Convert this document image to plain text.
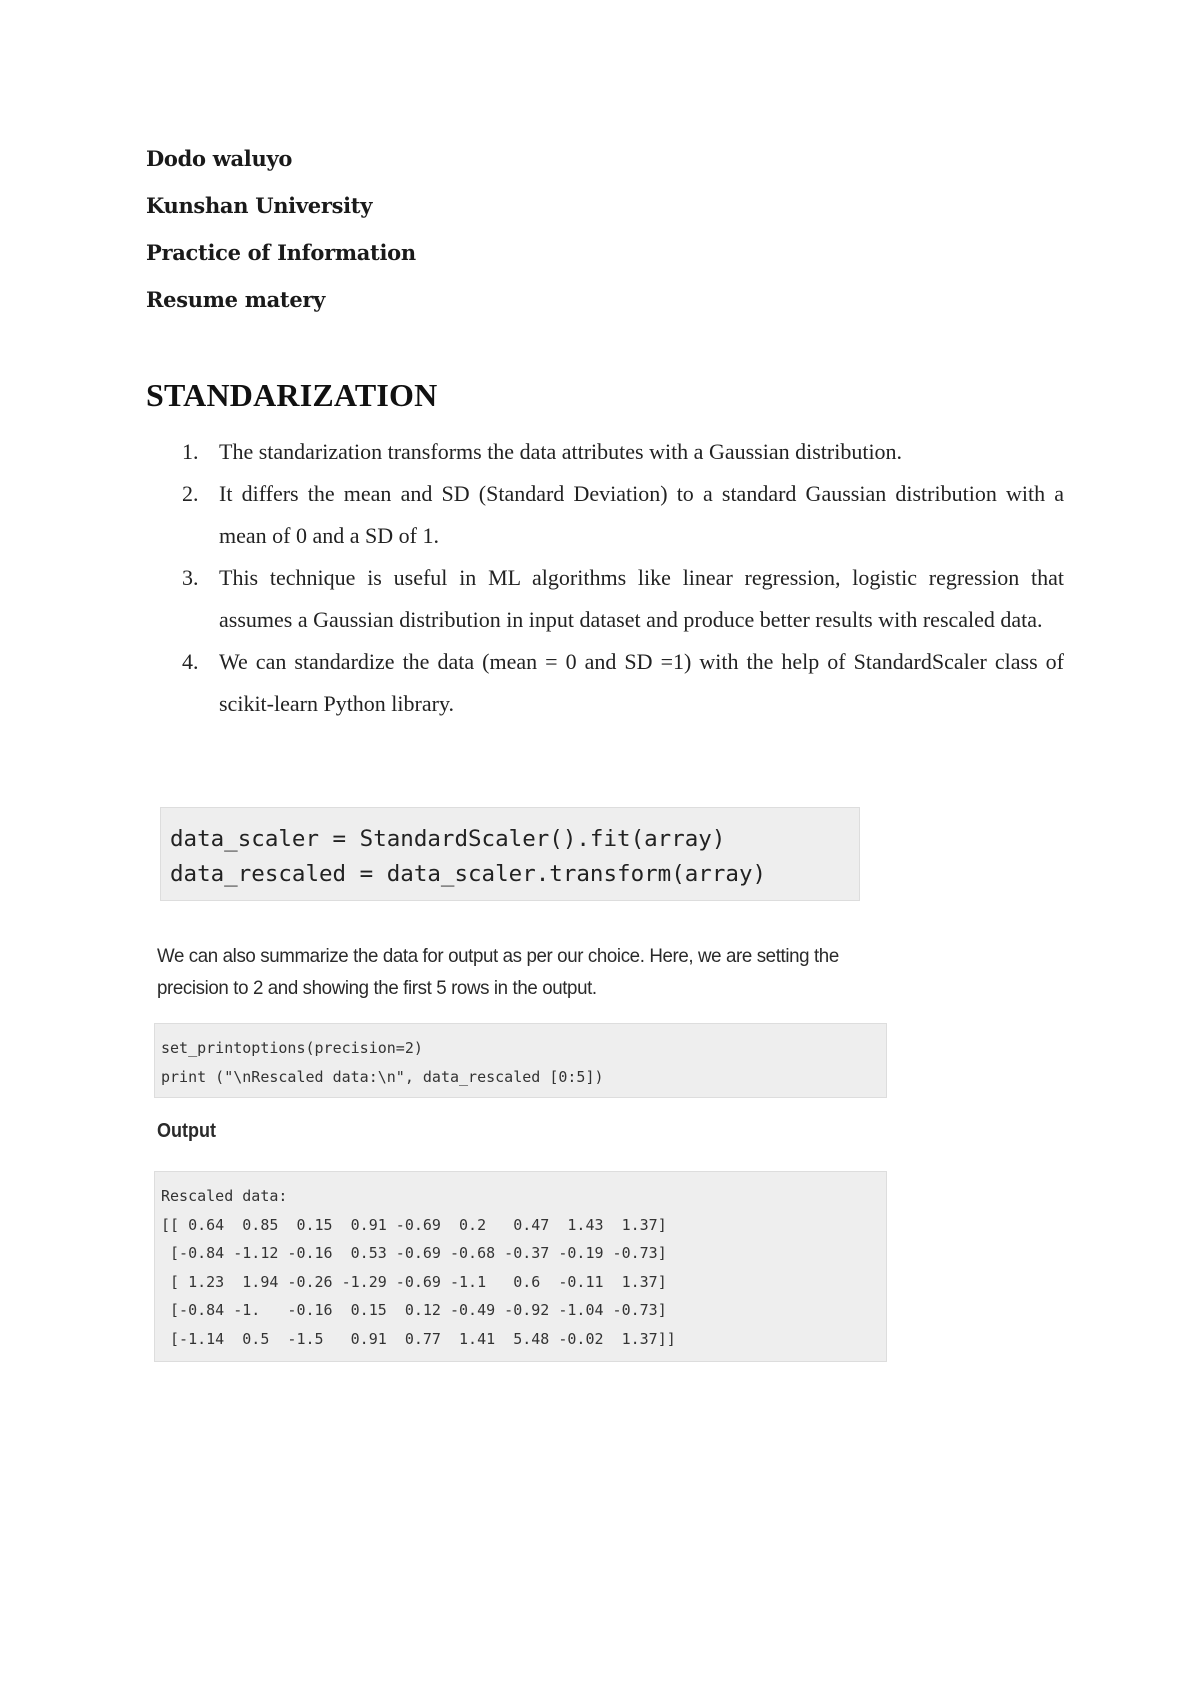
Dodo waluyo
Kunshan University
Practice of Information
Resume matery
STANDARIZATION
1. The standarization transforms the data attributes with a Gaussian distribution.
2. It differs the mean and SD (Standard Deviation) to a standard Gaussian distribution with a mean of 0 and a SD of 1.
3. This technique is useful in ML algorithms like linear regression, logistic regression that assumes a Gaussian distribution in input dataset and produce better results with rescaled data.
4. We can standardize the data (mean = 0 and SD =1) with the help of StandardScaler class of scikit-learn Python library.
data_scaler = StandardScaler().fit(array)
data_rescaled = data_scaler.transform(array)
We can also summarize the data for output as per our choice. Here, we are setting the precision to 2 and showing the first 5 rows in the output.
set_printoptions(precision=2)
print ("\nRescaled data:\n", data_rescaled [0:5])
Output
Rescaled data:
[[ 0.64  0.85  0.15  0.91 -0.69  0.2   0.47  1.43  1.37]
[-0.84 -1.12 -0.16  0.53 -0.69 -0.68 -0.37 -0.19 -0.73]
[ 1.23  1.94 -0.26 -1.29 -0.69 -1.1   0.6  -0.11  1.37]
[-0.84 -1.   -0.16  0.15  0.12 -0.49 -0.92 -1.04 -0.73]
[-1.14  0.5  -1.5   0.91  0.77  1.41  5.48 -0.02  1.37]]
